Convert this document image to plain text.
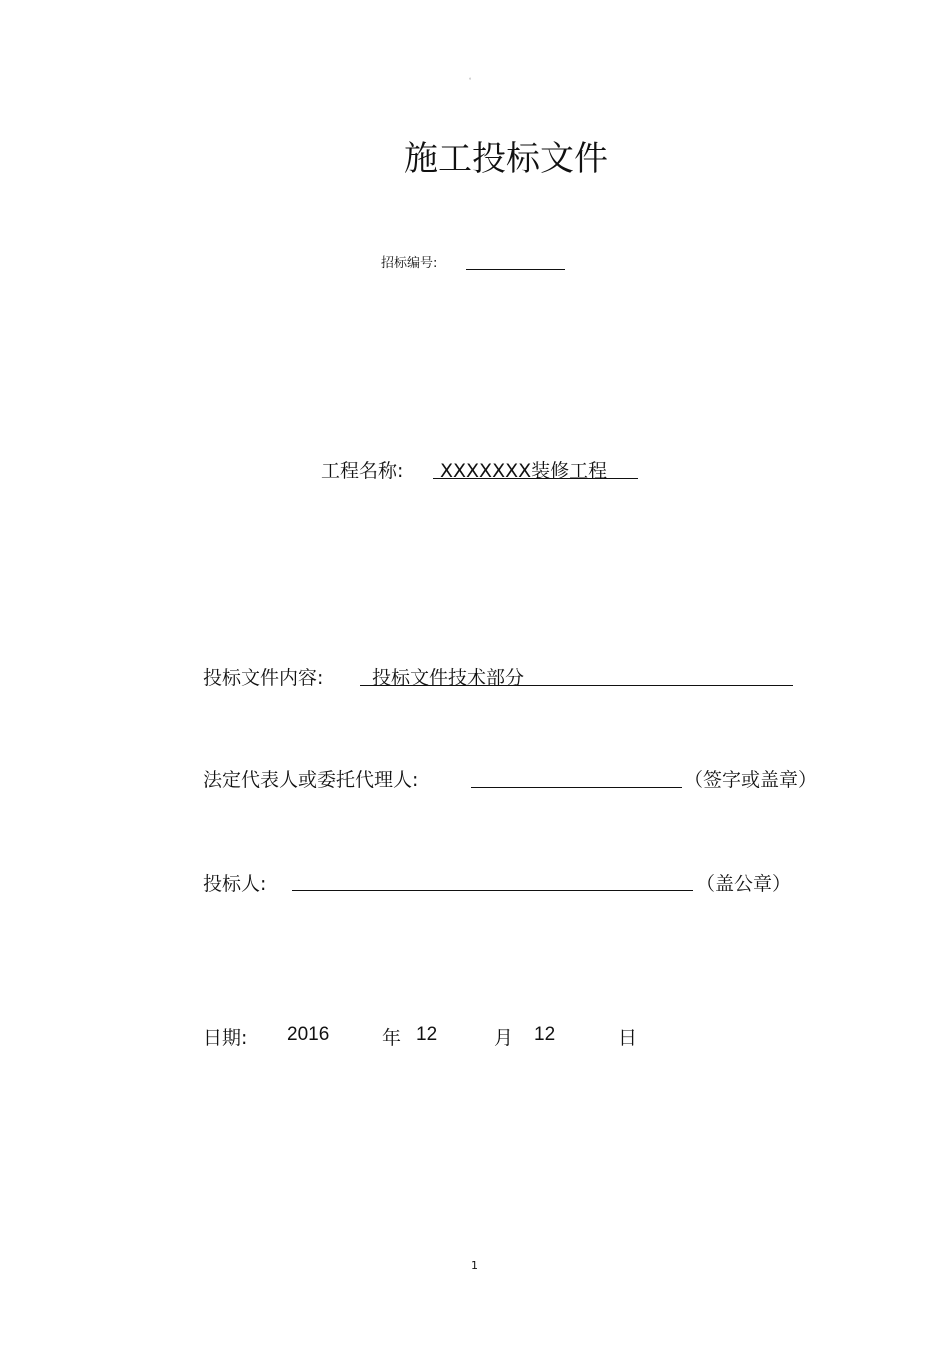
。
施工投标文件
招标编号:
工程名称: XXXXXXX装修工程
投标文件内容:	投标文件技术部分
法定代表人或委托代理人:	（签字或盖章）
投标人:	（盖公章）
日期: 2016	年 12	月 12	日
1
